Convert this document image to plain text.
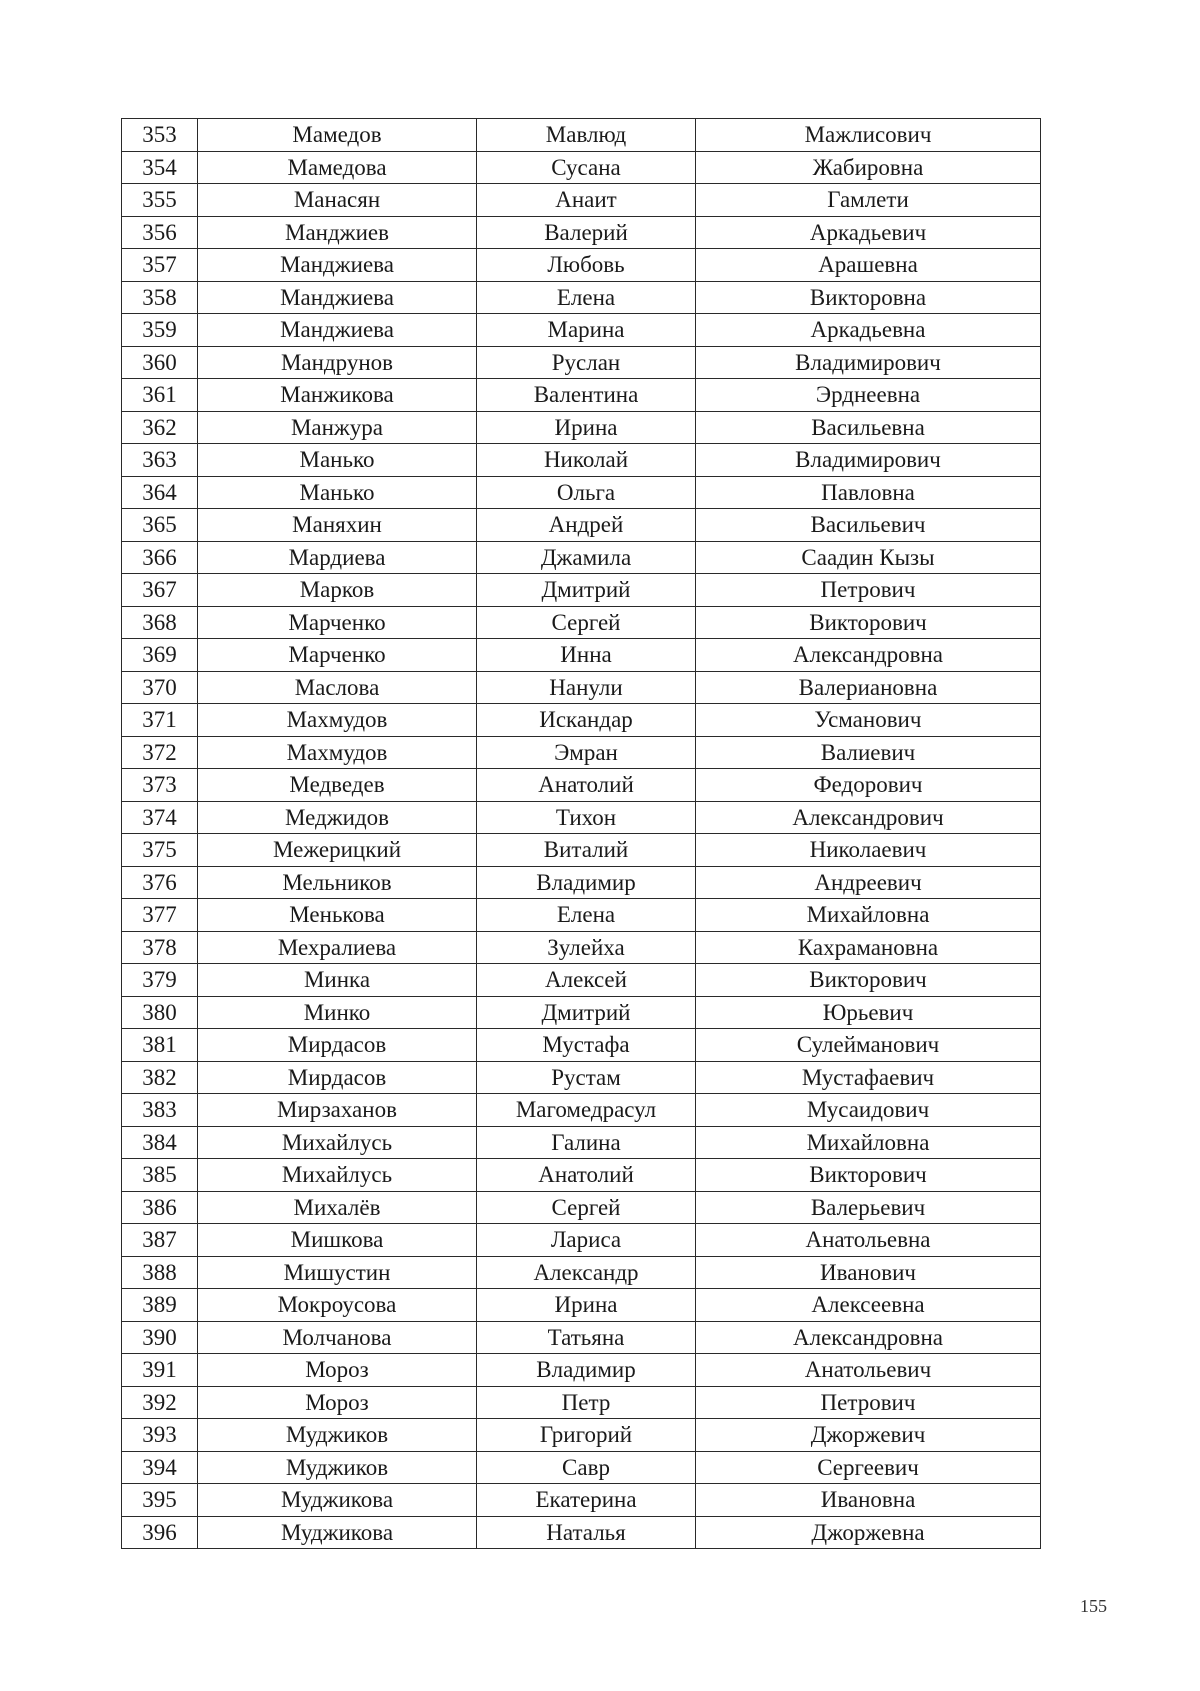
353	Мамедов	Мавлюд	Мажлисович
354	Мамедова	Сусана	Жабировна
355	Манасян	Анаит	Гамлети
356	Манджиев	Валерий	Аркадьевич
357	Манджиева	Любовь	Арашевна
358	Манджиева	Елена	Викторовна
359	Манджиева	Марина	Аркадьевна
360	Мандрунов	Руслан	Владимирович
361	Манжикова	Валентина	Эрднеевна
362	Манжура	Ирина	Васильевна
363	Манько	Николай	Владимирович
364	Манько	Ольга	Павловна
365	Маняхин	Андрей	Васильевич
366	Мардиева	Джамила	Саадин Кызы
367	Марков	Дмитрий	Петрович
368	Марченко	Сергей	Викторович
369	Марченко	Инна	Александровна
370	Маслова	Нанули	Валериановна
371	Махмудов	Искандар	Усманович
372	Махмудов	Эмран	Валиевич
373	Медведев	Анатолий	Федорович
374	Меджидов	Тихон	Александрович
375	Межерицкий	Виталий	Николаевич
376	Мельников	Владимир	Андреевич
377	Менькова	Елена	Михайловна
378	Мехралиева	Зулейха	Кахрамановна
379	Минка	Алексей	Викторович
380	Минко	Дмитрий	Юрьевич
381	Мирдасов	Мустафа	Сулейманович
382	Мирдасов	Рустам	Мустафаевич
383	Мирзаханов	Магомедрасул	Мусаидович
384	Михайлусь	Галина	Михайловна
385	Михайлусь	Анатолий	Викторович
386	Михалёв	Сергей	Валерьевич
387	Мишкова	Лариса	Анатольевна
388	Мишустин	Александр	Иванович
389	Мокроусова	Ирина	Алексеевна
390	Молчанова	Татьяна	Александровна
391	Мороз	Владимир	Анатольевич
392	Мороз	Петр	Петрович
393	Муджиков	Григорий	Джоржевич
394	Муджиков	Савр	Сергеевич
395	Муджикова	Екатерина	Ивановна
396	Муджикова	Наталья	Джоржевна
155
